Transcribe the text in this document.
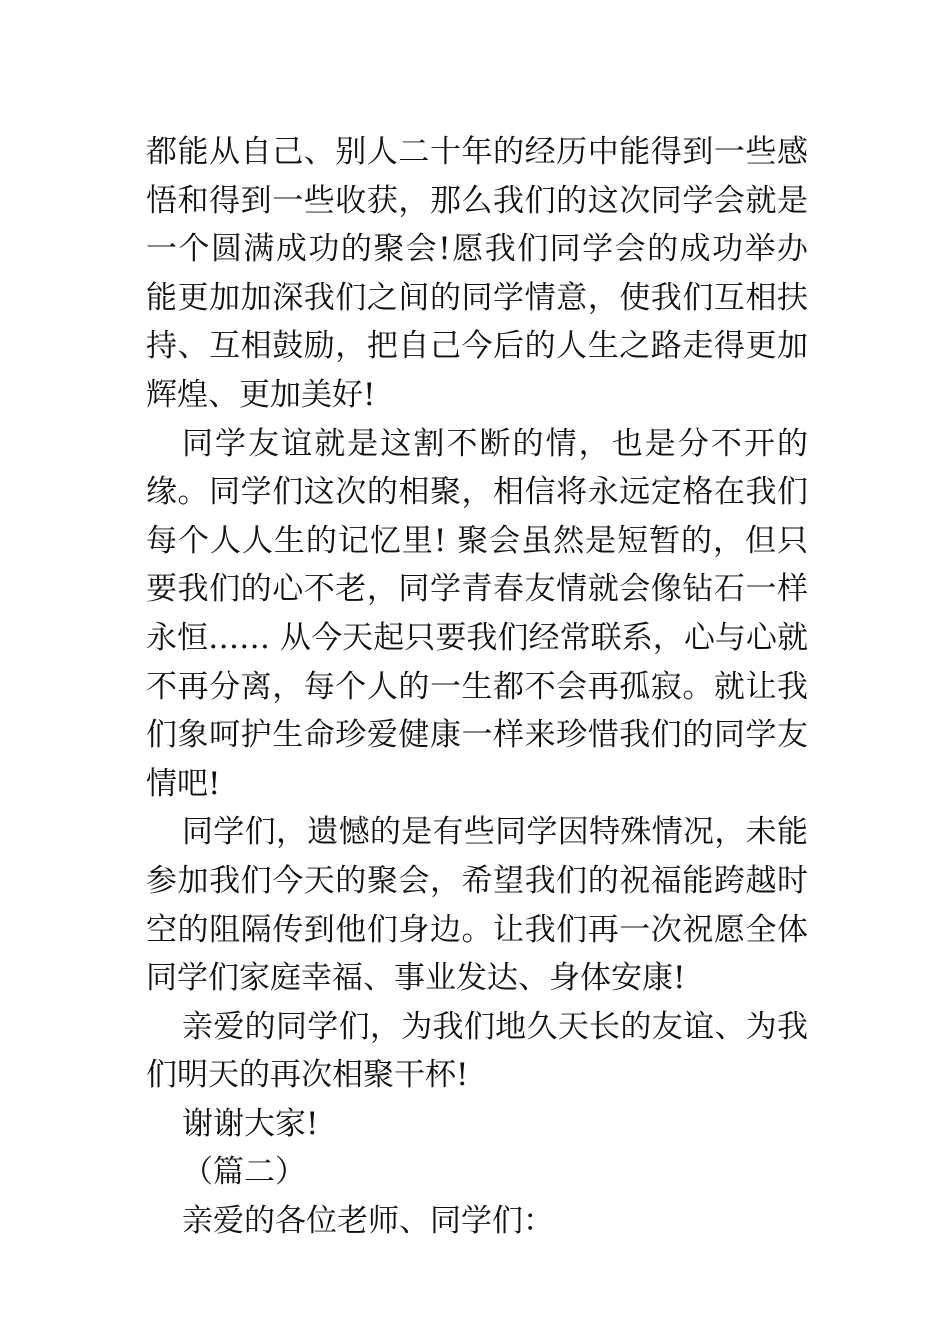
都能从自己、别人二十年的经历中能得到一些感悟和得到一些收获，那么我们的这次同学会就是一个圆满成功的聚会!愿我们同学会的成功举办能更加加深我们之间的同学情意，使我们互相扶持、互相鼓励，把自己今后的人生之路走得更加辉煌、更加美好!

同学友谊就是这割不断的情，也是分不开的缘。同学们这次的相聚，相信将永远定格在我们每个人人生的记忆里! 聚会虽然是短暂的，但只要我们的心不老，同学青春友情就会像钻石一样永恒…… 从今天起只要我们经常联系，心与心就不再分离，每个人的一生都不会再孤寂。就让我们象呵护生命珍爱健康一样来珍惜我们的同学友情吧!

同学们，遗憾的是有些同学因特殊情况，未能参加我们今天的聚会，希望我们的祝福能跨越时空的阻隔传到他们身边。让我们再一次祝愿全体同学们家庭幸福、事业发达、身体安康!

亲爱的同学们，为我们地久天长的友谊、为我们明天的再次相聚干杯!

谢谢大家!

（篇二）

亲爱的各位老师、同学们：
